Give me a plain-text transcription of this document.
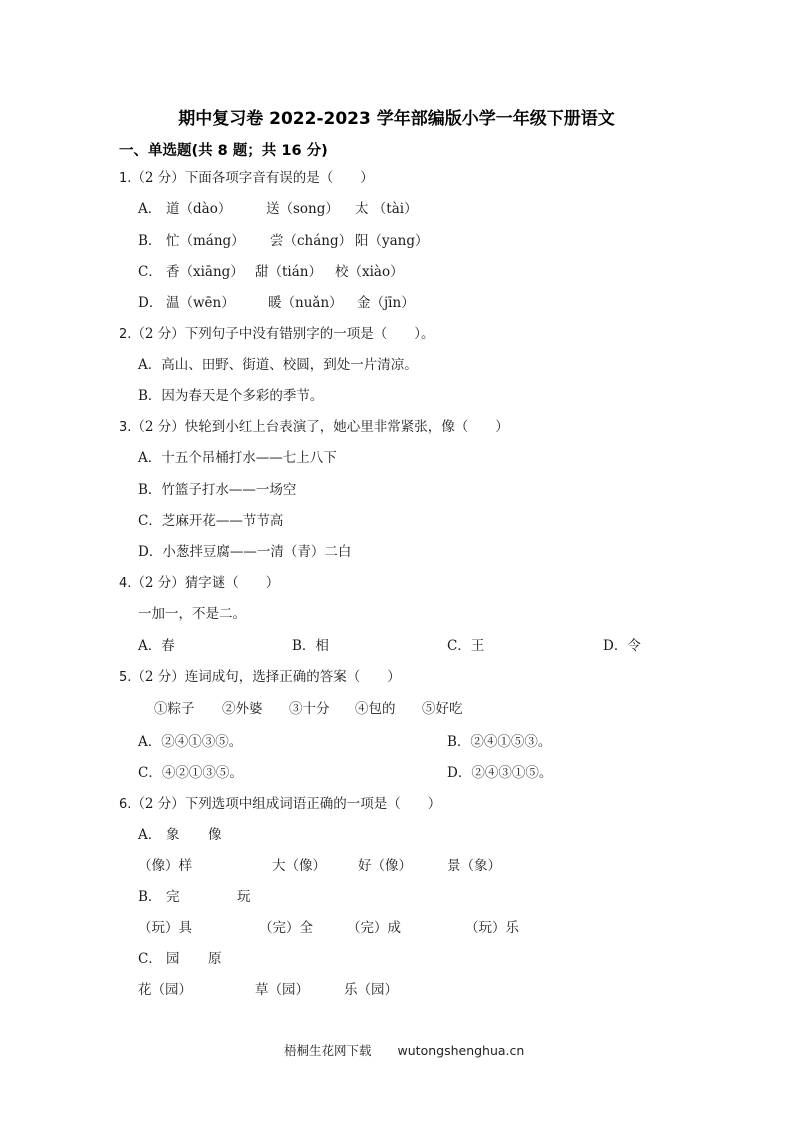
期中复习卷 2022-2023 学年部编版小学一年级下册语文
一、单选题(共 8 题；共 16 分)
1.（2 分）下面各项字音有误的是（　　）
A． 道（dào）	送（song） 太 （tài）
B． 忙（máng） 尝（cháng） 阳（yang）
C． 香（xiāng） 甜（tián） 校（xiào）
D． 温（wēn） 暖（nuǎn） 金（jīn）
2.（2 分）下列句子中没有错别字的一项是（　　）。
A．高山、田野、街道、校圆，到处一片清凉。
B．因为春天是个多彩的季节。
3.（2 分）快轮到小红上台表演了，她心里非常紧张，像（　　）
A．十五个吊桶打水——七上八下
B．竹篮子打水——一场空
C．芝麻开花——节节高
D．小葱拌豆腐——一清（青）二白
4.（2 分）猜字谜（　　）
一加一，不是二。
A．春	B．相	C．王	D．令
5.（2 分）连词成句，选择正确的答案（　　）
①粽子 ②外婆 ③十分 ④包的 ⑤好吃
A．②④①③⑤。	B．②④①⑤③。
C．④②①③⑤。	D．②④③①⑤。
6.（2 分）下列选项中组成词语正确的一项是（　　）
A． 象 像
（像）样	大（像） 好（像）	景（象）
B． 完	玩
（玩）具	（完）全	（完）成	（玩）乐
C． 园 原
花（园）	草（园）	乐（园）
梧桐生花网下载 wutongshenghua.cn
